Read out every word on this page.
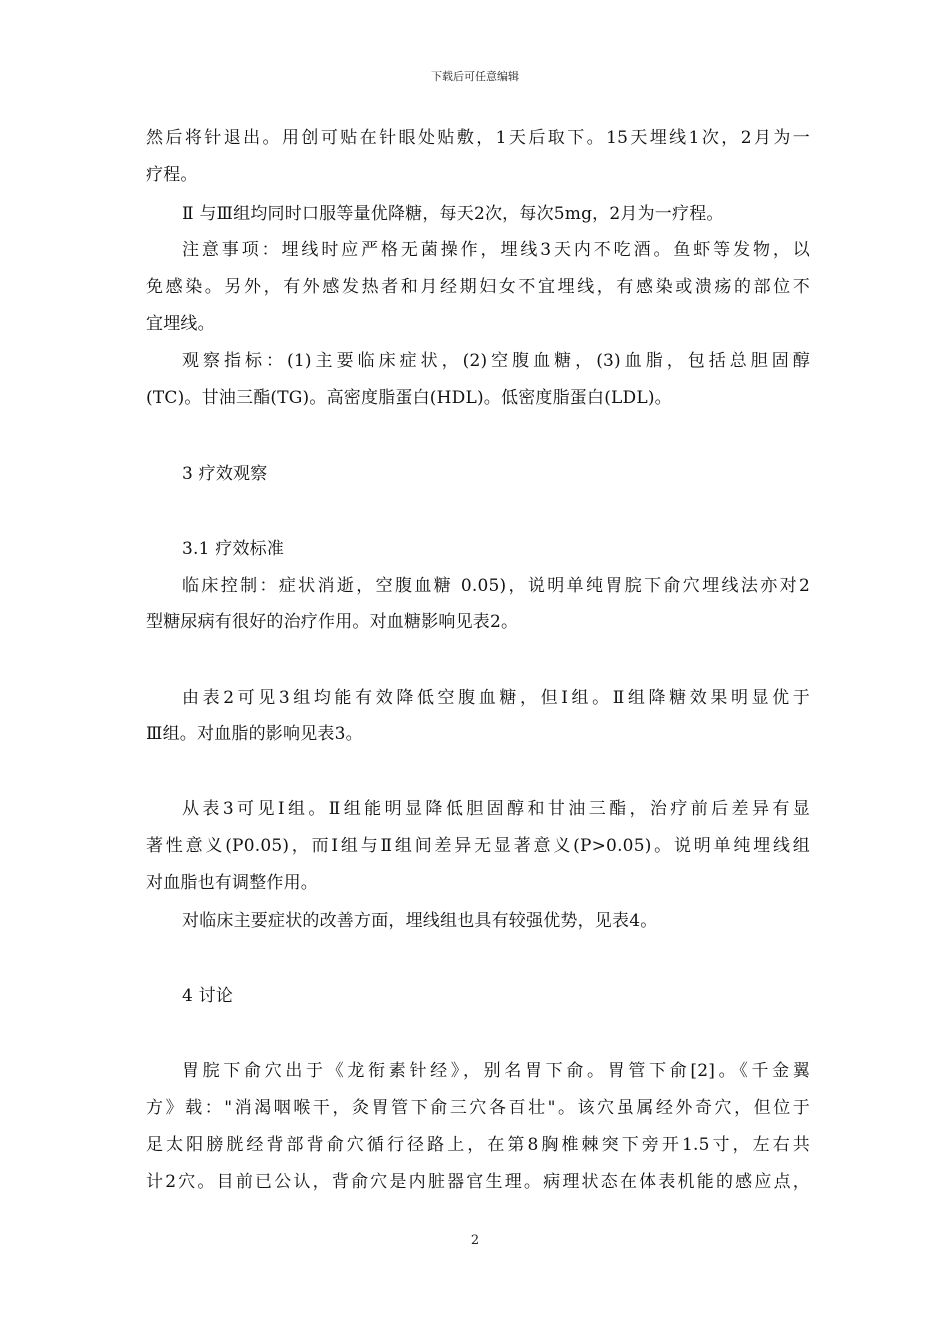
下载后可任意编辑
然后将针退出。用创可贴在针眼处贴敷，1天后取下。15天埋线1次，2月为一
疗程。
Ⅱ 与Ⅲ组均同时口服等量优降糖，每天2次，每次5mg，2月为一疗程。
注意事项：埋线时应严格无菌操作，埋线3天内不吃酒。鱼虾等发物，以
免感染。另外，有外感发热者和月经期妇女不宜埋线，有感染或溃疡的部位不
宜埋线。
观察指标：(1)主要临床症状，(2)空腹血糖，(3)血脂，包括总胆固醇
(TC)。甘油三酯(TG)。高密度脂蛋白(HDL)。低密度脂蛋白(LDL)。
3 疗效观察
3.1 疗效标准
临床控制：症状消逝，空腹血糖 0.05)，说明单纯胃脘下俞穴埋线法亦对2
型糖尿病有很好的治疗作用。对血糖影响见表2。
由表2可见3组均能有效降低空腹血糖，但Ⅰ组。Ⅱ组降糖效果明显优于
Ⅲ组。对血脂的影响见表3。
从表3可见Ⅰ组。Ⅱ组能明显降低胆固醇和甘油三酯，治疗前后差异有显
著性意义(P0.05)，而Ⅰ组与Ⅱ组间差异无显著意义(P>0.05)。说明单纯埋线组
对血脂也有调整作用。
对临床主要症状的改善方面，埋线组也具有较强优势，见表4。
4 讨论
胃脘下俞穴出于《龙衔素针经》，别名胃下俞。胃管下俞[2]。《千金翼
方》载："消渴咽喉干，灸胃管下俞三穴各百壮"。该穴虽属经外奇穴，但位于
足太阳膀胱经背部背俞穴循行径路上，在第8胸椎棘突下旁开1.5寸，左右共
计2穴。目前已公认，背俞穴是内脏器官生理。病理状态在体表机能的感应点，
2
